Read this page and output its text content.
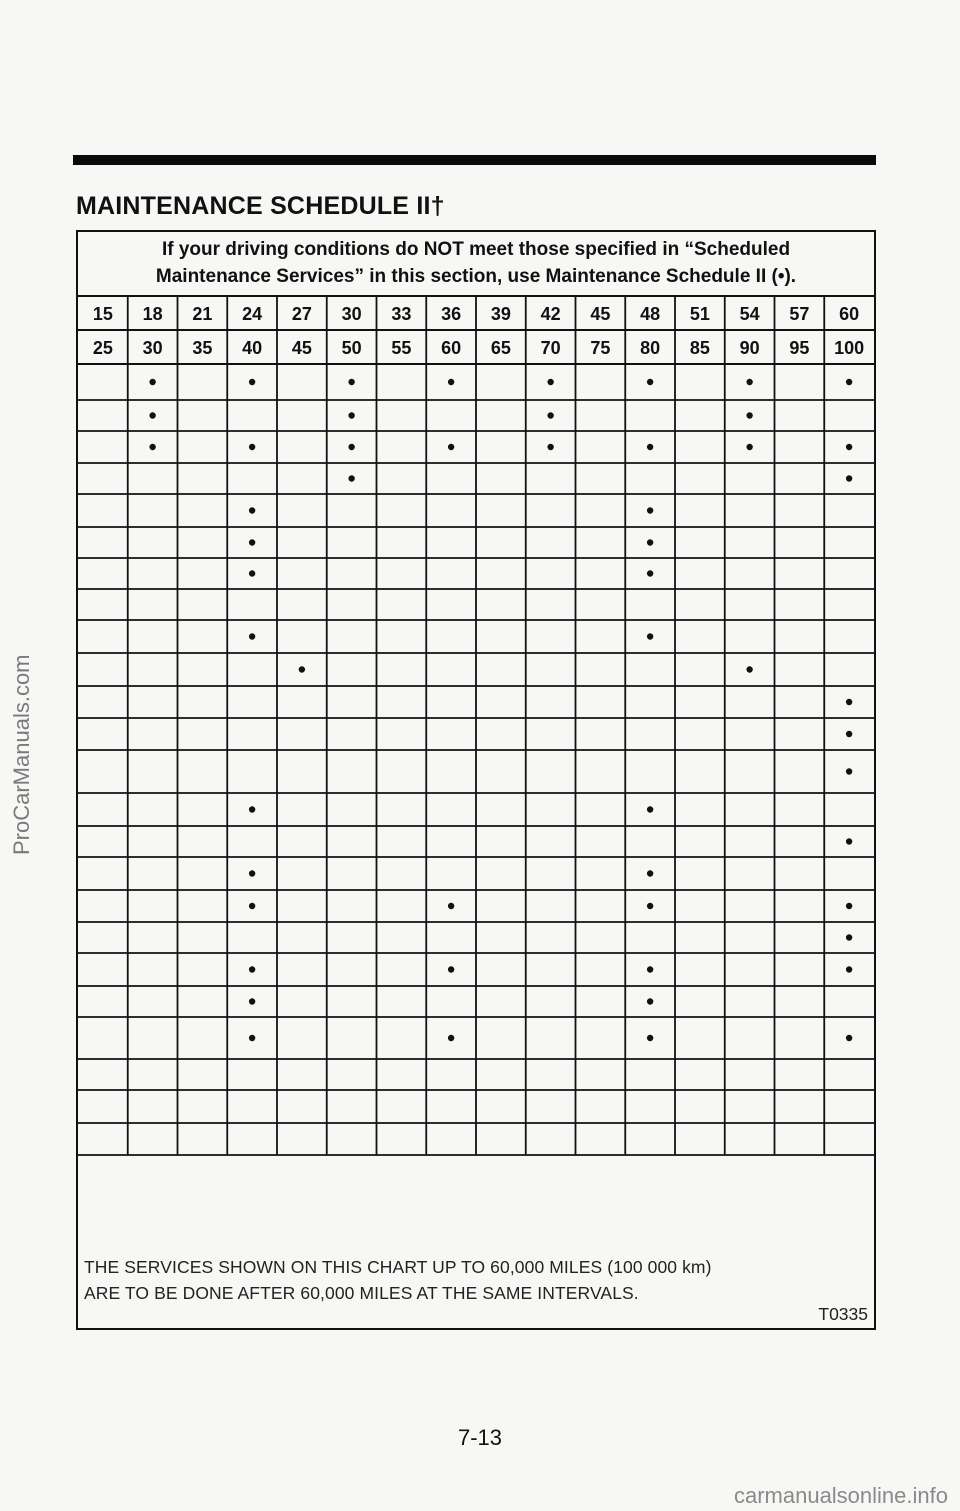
MAINTENANCE SCHEDULE II†
ProCarManuals.com
If your driving conditions do NOT meet those specified in “Scheduled
Maintenance Services” in this section, use Maintenance Schedule II (•).
15 18 21 24 27 30 33 36 39 42 45 48 51 54 57 60
25 30 35 40 45 50 55 60 65 70 75 80 85 90 95 100
THE SERVICES SHOWN ON THIS CHART UP TO 60,000 MILES (100 000 km)
ARE TO BE DONE AFTER 60,000 MILES AT THE SAME INTERVALS.
T0335
7-13
carmanualsonline.info
